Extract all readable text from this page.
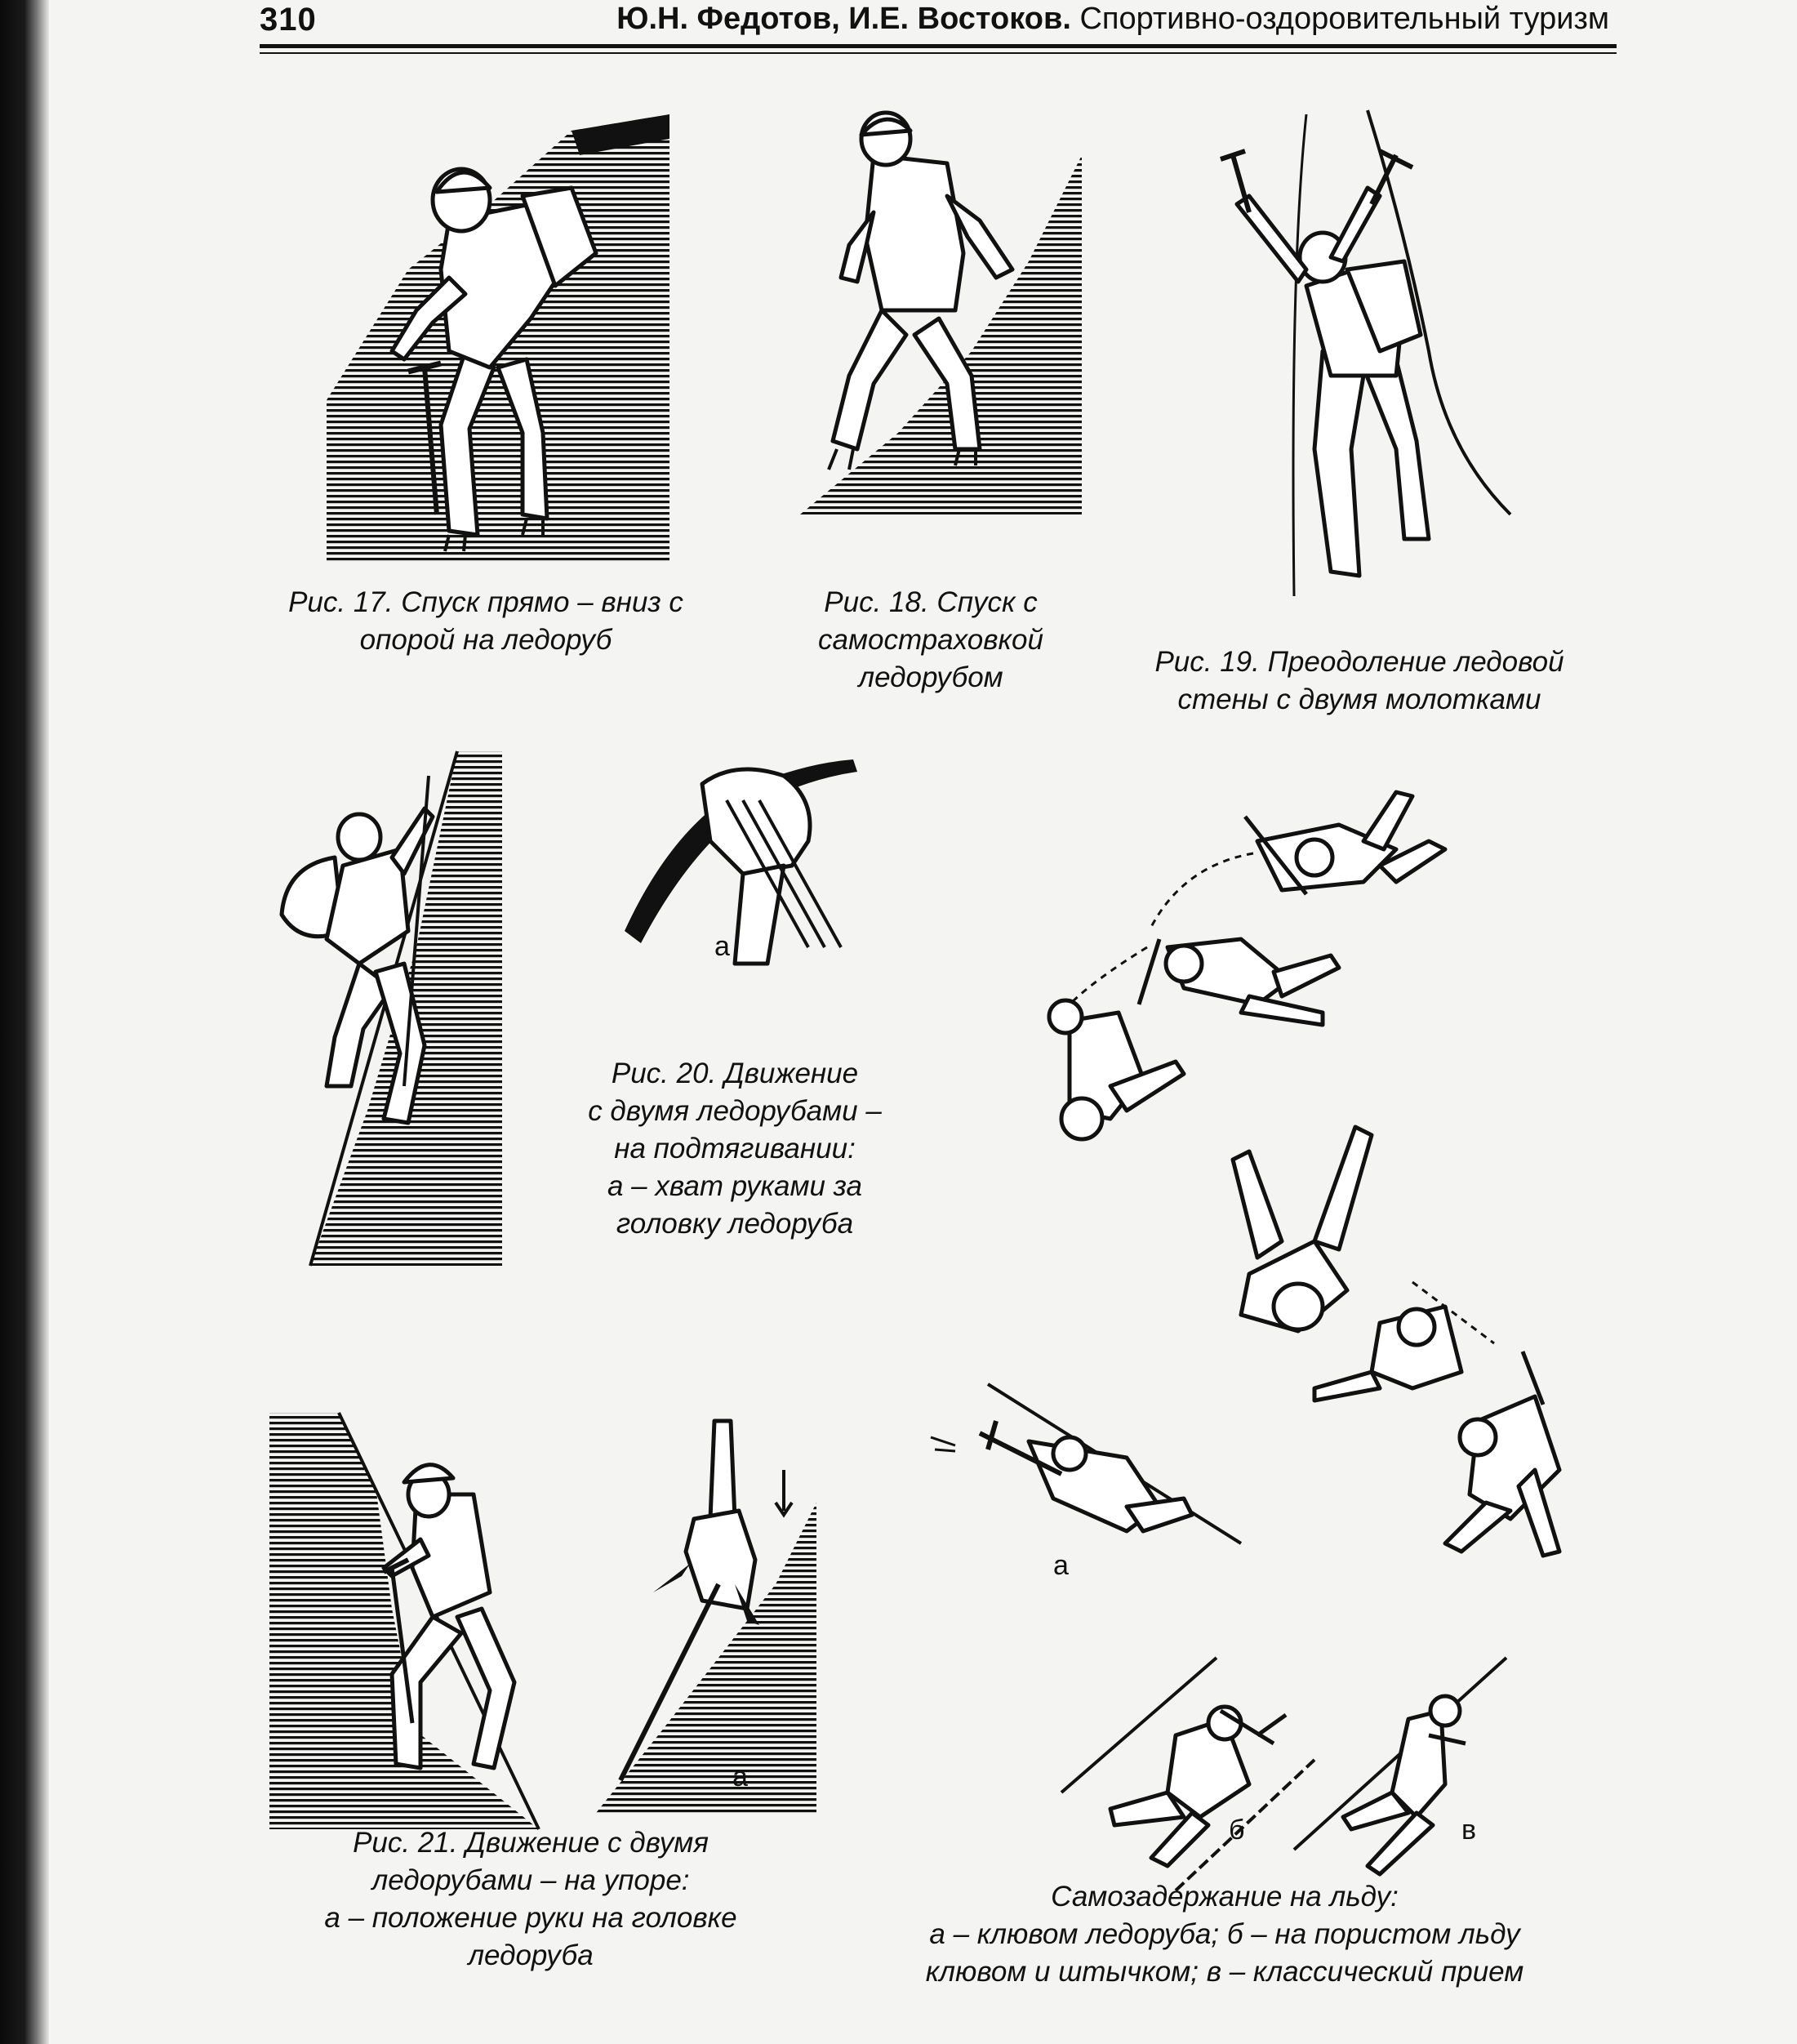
310	Ю.Н. Федотов, И.Е. Востоков. Спортивно-оздоровительный туризм
Рис. 17. Спуск прямо – вниз с
опорой на ледоруб
Рис. 18. Спуск с
самостраховкой
ледорубом	Рис. 19. Преодоление ледовой
стены с двумя молотками
а
Рис. 20. Движение
с двумя ледорубами –
на подтягивании:
а – хват руками за
головку ледоруба
а
б	в
Самозадержание на льду:
а – клювом ледоруба; б – на пористом льду
клювом и штычком; в – классический прием
а
Рис. 21. Движение с двумя
ледорубами – на упоре:
а – положение руки на головке
ледоруба
